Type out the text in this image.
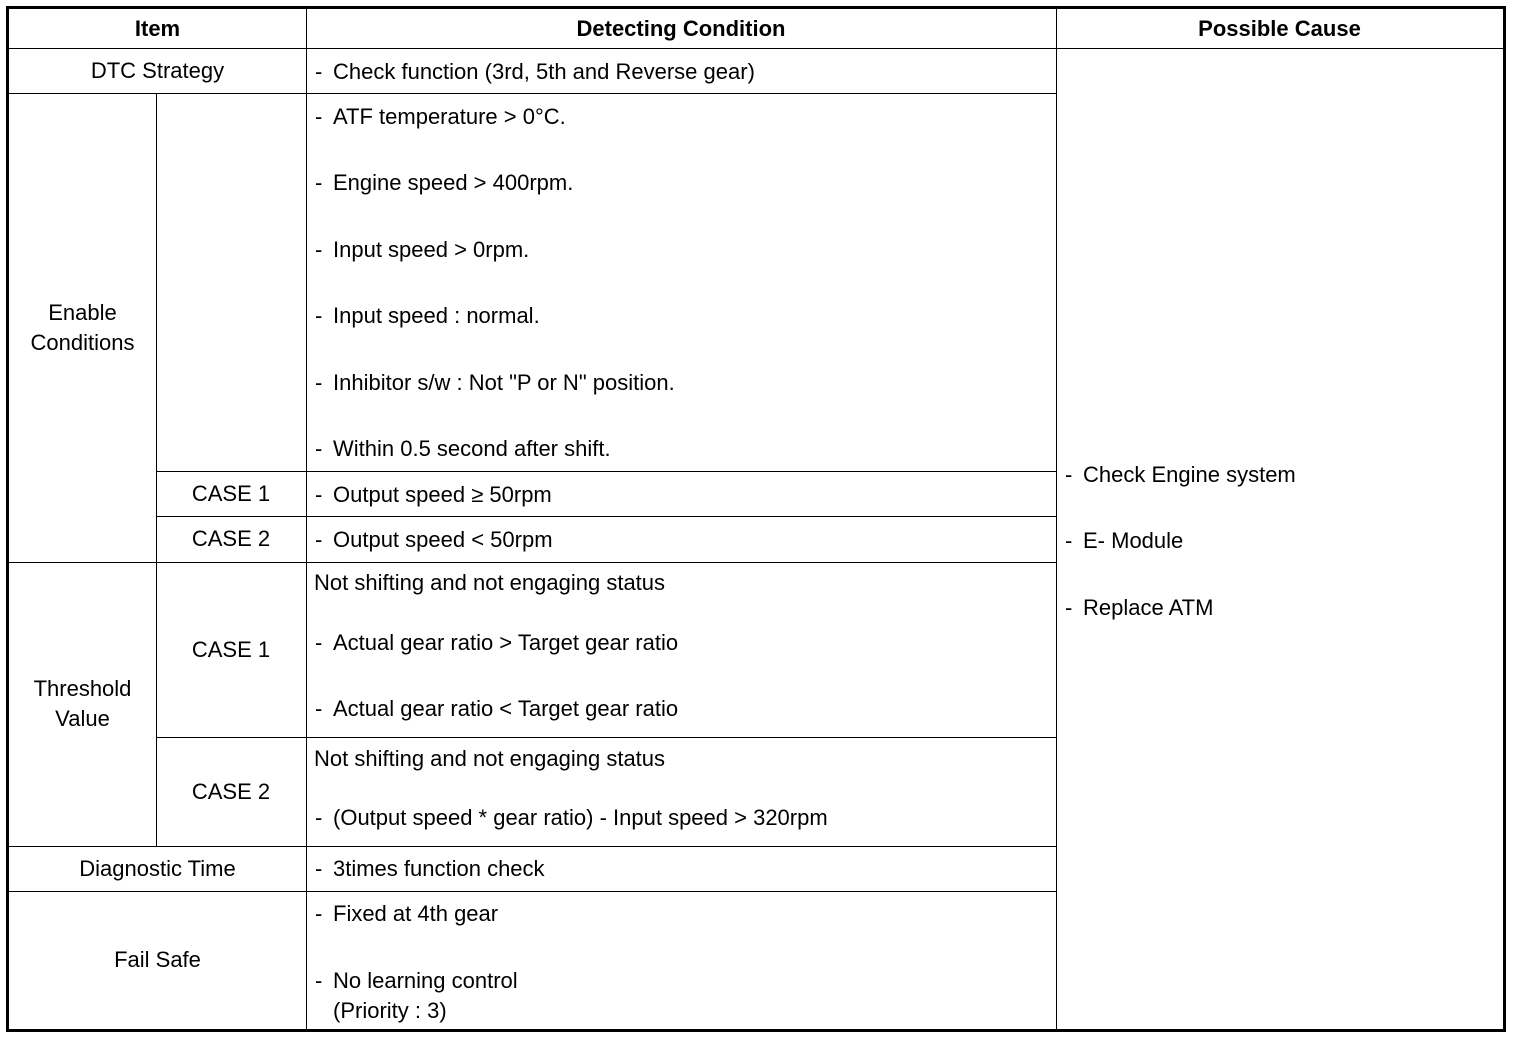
Item	Detecting Condition	Possible Cause
DTC Strategy
Enable
Conditions
CASE 1
CASE 2
Threshold
Value
CASE 1
CASE 2
Diagnostic Time
Fail Safe
- Check function (3rd, 5th and Reverse gear)
- ATF temperature > 0°C.
- Engine speed > 400rpm.
- Input speed > 0rpm.
- Input speed : normal.
- Inhibitor s/w : Not "P or N" position.
- Within 0.5 second after shift.
- Output speed ≥ 50rpm
- Output speed < 50rpm
Not shifting and not engaging status
- Actual gear ratio > Target gear ratio
- Actual gear ratio < Target gear ratio
Not shifting and not engaging status
- (Output speed * gear ratio) - Input speed > 320rpm
- 3times function check
- Fixed at 4th gear
- No learning control
(Priority : 3)
- Check Engine system
- E- Module
- Replace ATM
